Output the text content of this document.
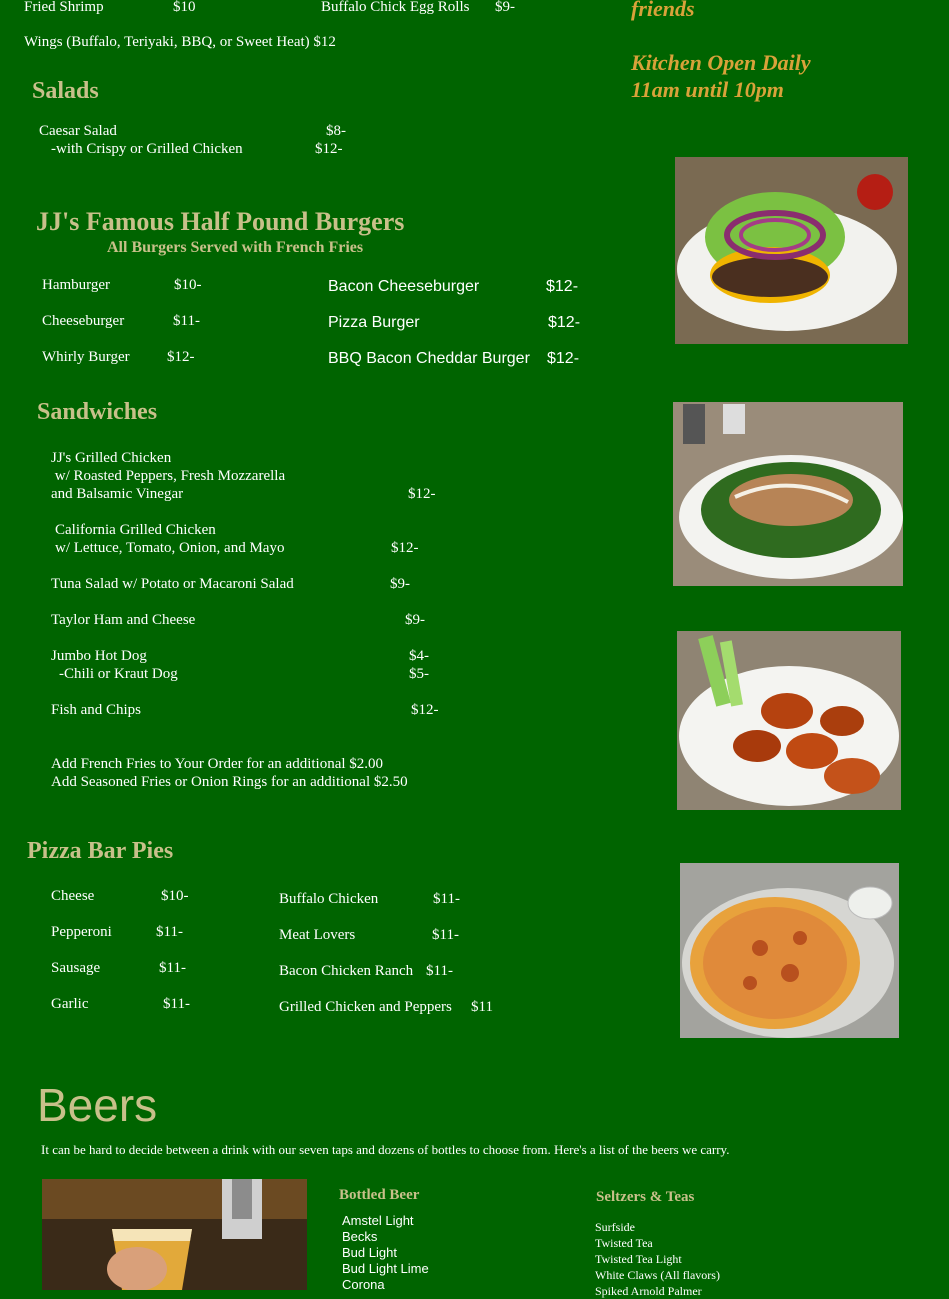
Fried Shrimp	$10	Buffalo Chick Egg Rolls $9-
Wings (Buffalo, Teriyaki, BBQ, or Sweet Heat) $12
friends
Kitchen Open Daily
11am until 10pm
Salads
Caesar Salad	$8-
-with Crispy or Grilled Chicken	$12-
JJ's Famous Half Pound Burgers
All Burgers Served with French Fries
Hamburger	$10-
Cheeseburger	$11-
Whirly Burger $12-
Bacon Cheeseburger	$12-
Pizza Burger	$12-
BBQ Bacon Cheddar Burger $12-
Sandwiches
JJ's Grilled Chicken
w/ Roasted Peppers, Fresh Mozzarella
and Balsamic Vinegar	$12-
California Grilled Chicken
w/ Lettuce, Tomato, Onion, and Mayo	$12-
Tuna Salad w/ Potato or Macaroni Salad	$9-
Taylor Ham and Cheese	$9-
Jumbo Hot Dog	$4-
-Chili or Kraut Dog	$5-
Fish and Chips	$12-
Add French Fries to Your Order for an additional $2.00
Add Seasoned Fries or Onion Rings for an additional $2.50
Pizza Bar Pies
Cheese	$10-
Pepperoni	$11-
Sausage	$11-
Garlic	$11-
Buffalo Chicken	$11-
Meat Lovers	$11-
Bacon Chicken Ranch $11-
Grilled Chicken and Peppers $11
Beers
It can be hard to decide between a drink with our seven taps and dozens of bottles to choose from. Here's a list of the beers we carry.
Bottled Beer
Amstel Light
Becks
Bud Light
Bud Light Lime
Corona
Seltzers & Teas
Surfside
Twisted Tea
Twisted Tea Light
White Claws (All flavors)
Spiked Arnold Palmer
